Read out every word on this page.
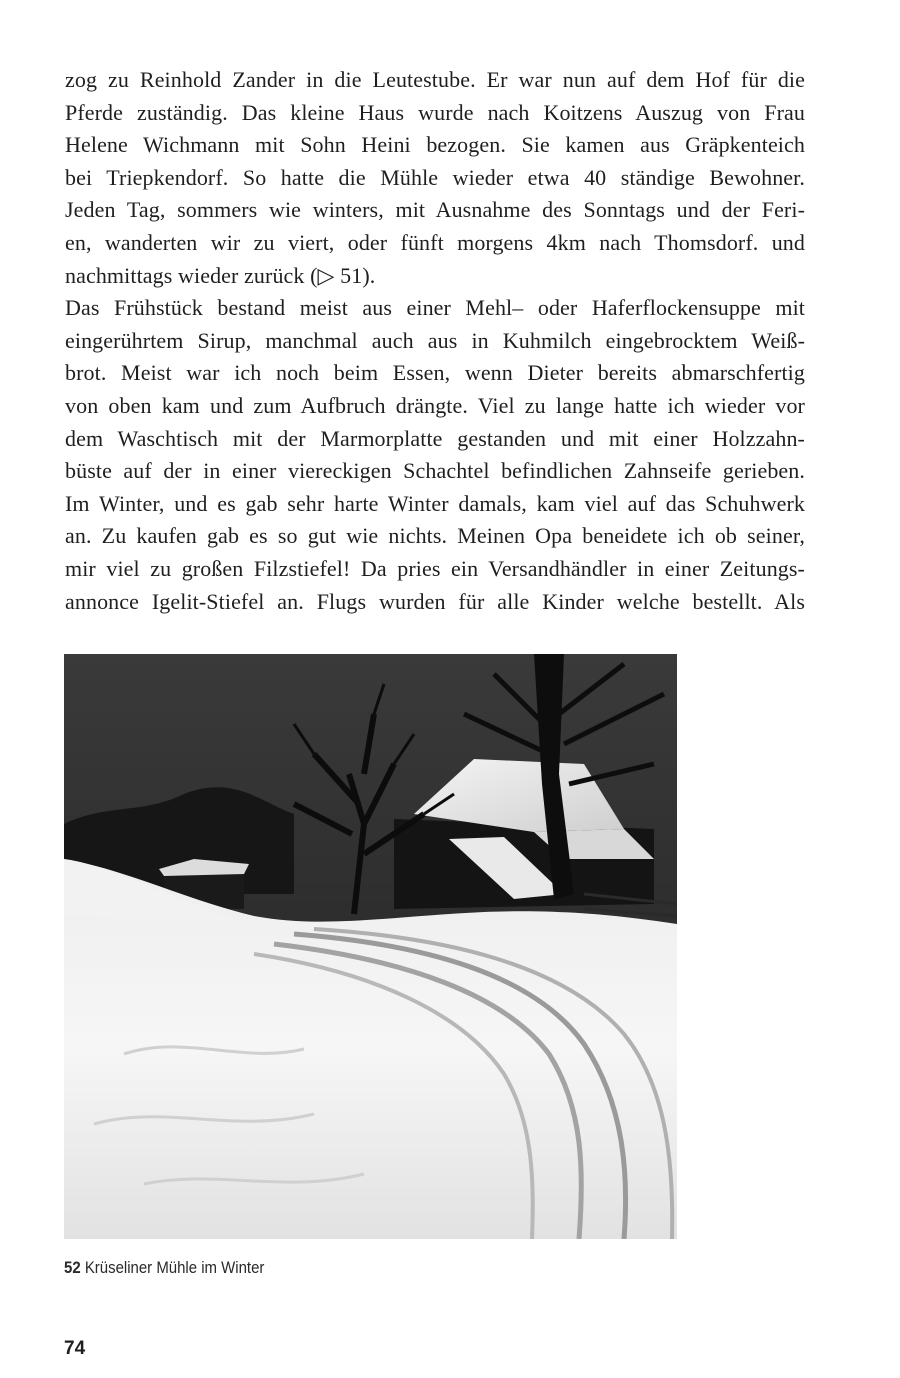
zog zu Reinhold Zander in die Leutestube. Er war nun auf dem Hof für die
Pferde zuständig. Das kleine Haus wurde nach Koitzens Auszug von Frau
Helene Wichmann mit Sohn Heini bezogen. Sie kamen aus Gräpkenteich
bei Triepkendorf. So hatte die Mühle wieder etwa 40 ständige Bewohner.
Jeden Tag, sommers wie winters, mit Ausnahme des Sonntags und der Feri-
en, wanderten wir zu viert, oder fünft morgens 4km nach Thomsdorf. und
nachmittags wieder zurück (▷ 51).
Das Frühstück bestand meist aus einer Mehl– oder Haferflockensuppe mit
eingerührtem Sirup, manchmal auch aus in Kuhmilch eingebrocktem Weiß-
brot. Meist war ich noch beim Essen, wenn Dieter bereits abmarschfertig
von oben kam und zum Aufbruch drängte. Viel zu lange hatte ich wieder vor
dem Waschtisch mit der Marmorplatte gestanden und mit einer Holzzahn-
büste auf der in einer viereckigen Schachtel befindlichen Zahnseife gerieben.
Im Winter, und es gab sehr harte Winter damals, kam viel auf das Schuhwerk
an. Zu kaufen gab es so gut wie nichts. Meinen Opa beneidete ich ob seiner,
mir viel zu großen Filzstiefel! Da pries ein Versandhändler in einer Zeitungs-
annonce Igelit-Stiefel an. Flugs wurden für alle Kinder welche bestellt. Als
52 Krüseliner Mühle im Winter
74
